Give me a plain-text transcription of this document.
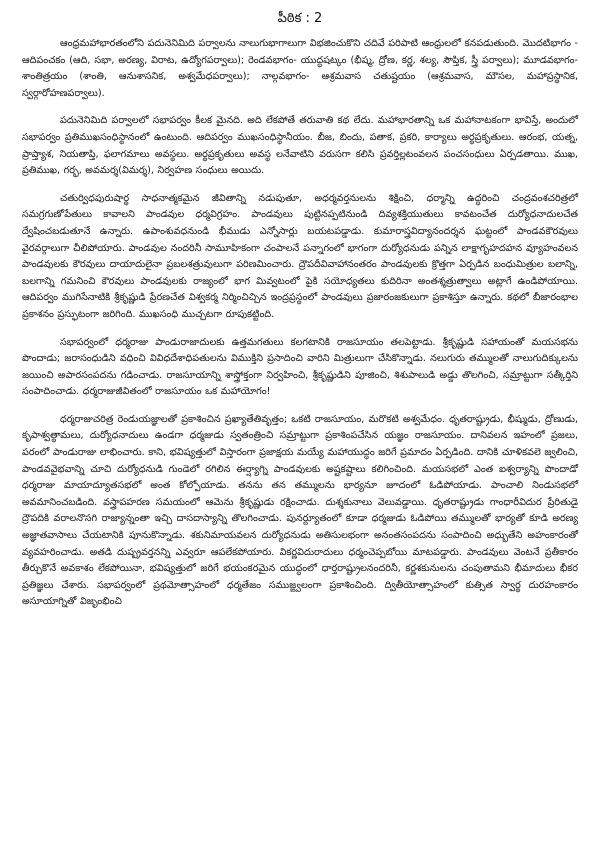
పీఠిక : 2

ఆంధ్రమహాభారతంలోని పదునెనిమిది పర్వాలను నాలుగుభాగాలుగా విభజించుకొని చదివే పరిపాటి ఆంధ్రులలో కనపడుతుంది. మొదటిభాగం - ఆదిపంచకం (ఆది, సభా, అరణ్య, విరాట, ఉద్యోగపర్వాలు); రెండవభాగం- యుద్ధషట్కం (భీష్మ, ద్రోణ, కర్ణ, శల్య, సౌప్తిక, స్త్రీ పర్వాలు); మూడవభాగం- శాంతిత్రయం (శాంతి, ఆనుశాసనిక, అశ్వమేధపర్వాలు); నాల్గవభాగం- ఆశ్రమవాస చతుష్టయం (ఆశ్రమవాస, మౌసల, మహాప్రస్థానిక, స్వర్గారోహణపర్వాలు).

పదునెనిమిది పర్వాలలో సభాపర్వం కీలక మైనది. అది లేకపోతే తరువాతి కథ లేదు. మహాభారతాన్ని ఒక మహానాటకంగా భావిస్తే, అందులో సభాపర్వం ప్రతిముఖసంధిస్థానంలో ఉంటుంది. ఆదిపర్వం ముఖసంధిస్థానీయం. బీజ, బిందు, పతాక, ప్రకరి, కార్యాలు అర్థప్రకృతులు. ఆరంభ, యత్న, ప్రాప్త్యాశ, నియతాప్తి, ఫలాగమాలు అవస్థలు. అర్థప్రకృతులు అవస్థ లనేవాటిని వరుసగా కలిసి ప్రవర్తిల్లటంవలన పంచసంధులు ఏర్పడతాయి. ముఖ, ప్రతిముఖ, గర్భ, అవమర్శ(విమర్శ), నిర్వహణ సంధులు అయిదు.

చతుర్విధపురుషార్థ సాధనాత్మకమైన జీవితాన్ని నడుపుతూ, అధర్మవర్తనులను శిక్షించి, ధర్మాన్ని ఉద్ధరించి చంద్రవంశచరిత్రలో సమగ్రగుణోపేతులు కావాలని పాండవుల ధర్మవిగ్రహం. పాండవులు పుట్టినప్పటినుండి దివ్యశక్తియుతులు కావటంచేత దుర్యోధనాదులచేత ద్వేషించబడుతూనే ఉన్నారు. ఉపాంశువధనుండి భీముడు ఎన్నోసార్లు బయటపడ్డాడు. కుమారాస్త్రవిద్యానందర్శన ఘట్టంలో పాండవకౌరవులు వైరవర్గాలుగా చీలిపోయారు. పాండవుల నందరినీ సామూహికంగా చంపాలనే పన్నాగంలో భాగంగా దుర్యోధనుడు పన్నిన లాక్షాగృహదహన వ్యూహంవలన పాండవులకు కౌరవులు దాయాదులైనా ప్రబలశత్రువులుగా పరిణమించారు. ద్రౌపదీవివాహానంతరం పాండవులకు క్రొత్తగా ఏర్పడిన బంధుమిత్రుల బలాన్ని, బలగాన్ని గమనించి కౌరవులు పాండవులకు రాజ్యంలో భాగ మివ్వటంలో పైకి సయోధ్యతలు కుదిరినా అంతశ్శత్రుత్వాలు అట్లాగే ఉండిపోయాయి. ఆదిపర్వం ముగిసేనాటికి శ్రీకృష్ణుడి ప్రేరణచేత విశ్వకర్మ నిర్మించిచ్చిన ఇంద్రప్రస్థంలో పాండవులు ప్రజారంజకులుగా ప్రకాశిస్తూ ఉన్నారు. కథలో బీజారంభాల ప్రకాశనం ప్రస్ఫుటంగా జరిగింది. ముఖసంధి ముచ్చటగా రూపుకట్టింది.

సభాపర్వంలో ధర్మరాజు పాండురాజాదులకు ఉత్తమగతులు కలగటానికి రాజసూయం తలపెట్టాడు. శ్రీకృష్ణుడి సహాయంతో మయసభను పొందాడు; జరాసంధుడిని వధించి వివిధదేశాధిపతులను విముక్తిని ప్రసాదించి వారిని మిత్రులుగా చేసికొన్నాడు. నలుగురు తమ్ములతో నాలుగుదిక్కులను జయించి అపారసంపదను గడించాడు. రాజసూయాన్ని శాస్త్రోక్తంగా నిర్వహించి, శ్రీకృష్ణుడిని పూజించి, శిశుపాలుడి అడ్డు తొలగించి, సమ్రాట్టుగా సత్కీర్తిని సంపాదించాడు. ధర్మరాజుజీవితంలో రాజసూయం ఒక మహాయోగం!

ధర్మరాజుచరిత్ర రెండుయజ్ఞాలతో ప్రకాశించిన ప్రఖ్యాతేతివృత్తం; ఒకటి రాజసూయం, మరొకటి అశ్వమేధం. ధృతరాష్ట్రుడు, భీష్ముడు, ద్రోణుడు, కృపాశ్వత్థామలు, దుర్యోధనాదులు ఉండగా ధర్మజుడు స్వతంత్రించి సమ్రాట్టుగా ప్రకాశింపచేసిన యజ్ఞం రాజసూయం. దానివలన ఇహంలో ప్రజలు, పరంలో పాండురాజు లాభించారు. కాని, భవిష్యత్తులో విస్తారంగా ప్రజాక్షయ మయ్యే మహాయుద్ధం జరిగే ప్రమాదం ఏర్పడింది. దానికి చూళికవలె జ్వలించి, పాండవవైభవాన్ని చూచి దుర్యోధనుడి గుండెలో రగిలిన ఈర్ష్యాగ్ని పాండవులకు అష్టకష్టాలు కలిగించింది. మయసభలో ఎంత ఐశ్వర్యాన్ని పొందాడో ధర్మరాజు మాయాద్యూతసభలో అంత కోల్పోయాడు. తనను తన తమ్ములను భార్యనూ జూదంలో ఓడిపోయాడు. పాంచాలి నిండుసభలో అవమానించబడింది. వస్త్రాపహరణ సమయంలో ఆమెను శ్రీకృష్ణుడు రక్షించాడు. దుశ్శకునాలు వెలువడ్డాయి. ధృతరాష్ట్రుడు గాంధారీవిదుర ప్రేరితుడై ద్రౌపదికి వరాలనొసగి రాజ్యాన్నంతా ఇచ్చి దాసదాస్యాన్ని తొలగించాడు. పునర్ద్యూతంలో కూడా ధర్మజుడు ఓడిపోయి తమ్ములతో భార్యతో కూడి అరణ్య అజ్ఞాతవాసాలు చేయటానికి పూనుకొన్నాడు. శకునిమాయవలన దుర్యోధనుడు అతిసులభంగా అనంతసంపదను సంపాదించి అధ్భుతేని అహంకారంతో వ్యవహరించాడు. అతడి దుష్ప్రవర్తనన్ని ఎవ్వరూ ఆపలేకపోయారు. వికర్ణవిదురాదులు ధర్మంచెప్పబోయి మాటపడ్డారు. పాండవులు వెంటనే ప్రతీకారం తీర్చుకొనే అవకాశం లేకపోయినా, భవిష్యత్తులో జరిగే భయంకరమైన యుద్ధంలో ధార్తరాష్ట్రులనందరినీ, కర్ణశకునులను చంపుతామని భీమాదులు భీకర ప్రతిజ్ఞలు చేశారు. సభాపర్వంలో ప్రథమోత్సాహంలో ధర్మతేజం సముజ్జ్వలంగా ప్రకాశించింది. ద్వితీయోత్సాహంలో కుత్సిత స్వార్థ దురహంకారం అసూయాగ్నితో విజృంభించి
